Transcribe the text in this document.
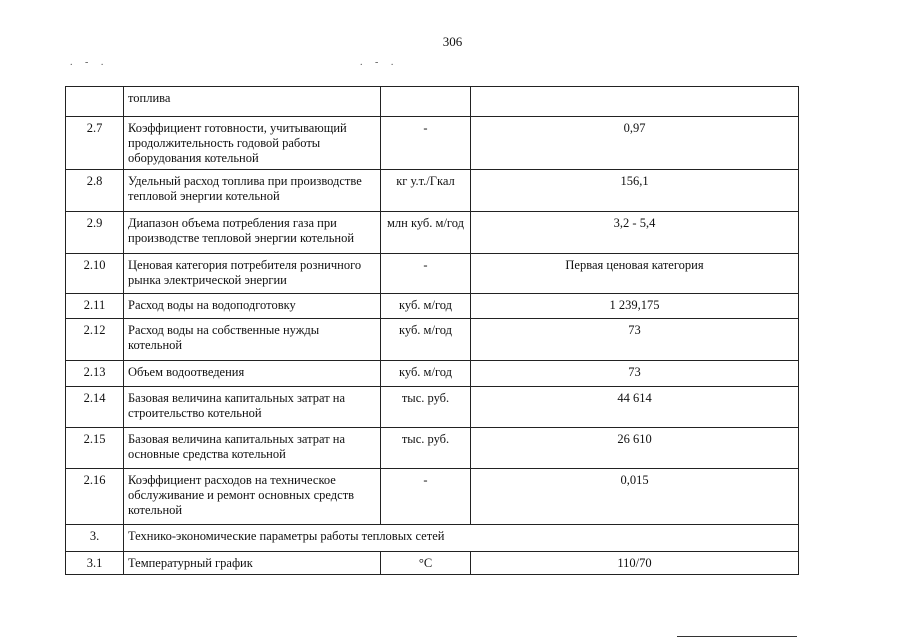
306
. - .	. - .
	топлива		
2.7	Коэффициент готовности, учитывающий продолжительность годовой работы оборудования котельной	-	0,97
2.8	Удельный расход топлива при производстве тепловой энергии котельной	кг у.т./Гкал	156,1
2.9	Диапазон объема потребления газа при производстве тепловой энергии котельной	млн куб. м/год	3,2 - 5,4
2.10	Ценовая категория потребителя розничного рынка электрической энергии	-	Первая ценовая категория
2.11	Расход воды на водоподготовку	куб. м/год	1 239,175
2.12	Расход воды на собственные нужды котельной	куб. м/год	73
2.13	Объем водоотведения	куб. м/год	73
2.14	Базовая величина капитальных затрат на строительство котельной	тыс. руб.	44 614
2.15	Базовая величина капитальных затрат на основные средства котельной	тыс. руб.	26 610
2.16	Коэффициент расходов на техническое обслуживание и ремонт основных средств котельной	-	0,015
3.	Технико-экономические параметры работы тепловых сетей		
3.1	Температурный график	°С	110/70
